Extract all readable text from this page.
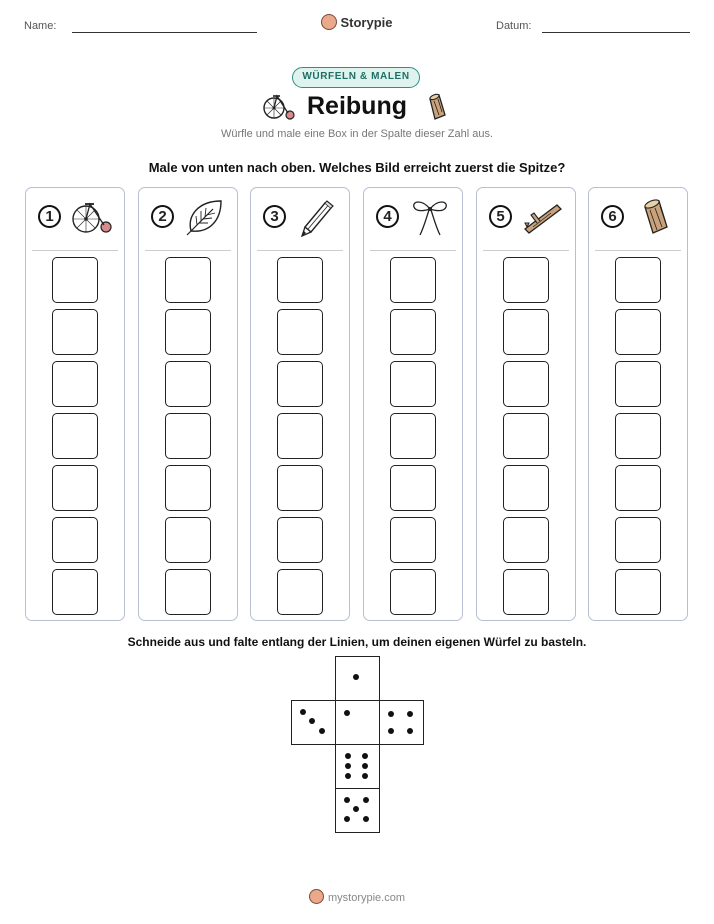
Name:	Storypie	Datum:
WÜRFELN & MALEN
Reibung
Würfle und male eine Box in der Spalte dieser Zahl aus.
Male von unten nach oben. Welches Bild erreicht zuerst die Spitze?
1	2	3	4	5	6
Schneide aus und falte entlang der Linien, um deinen eigenen Würfel zu basteln.
mystorypie.com
